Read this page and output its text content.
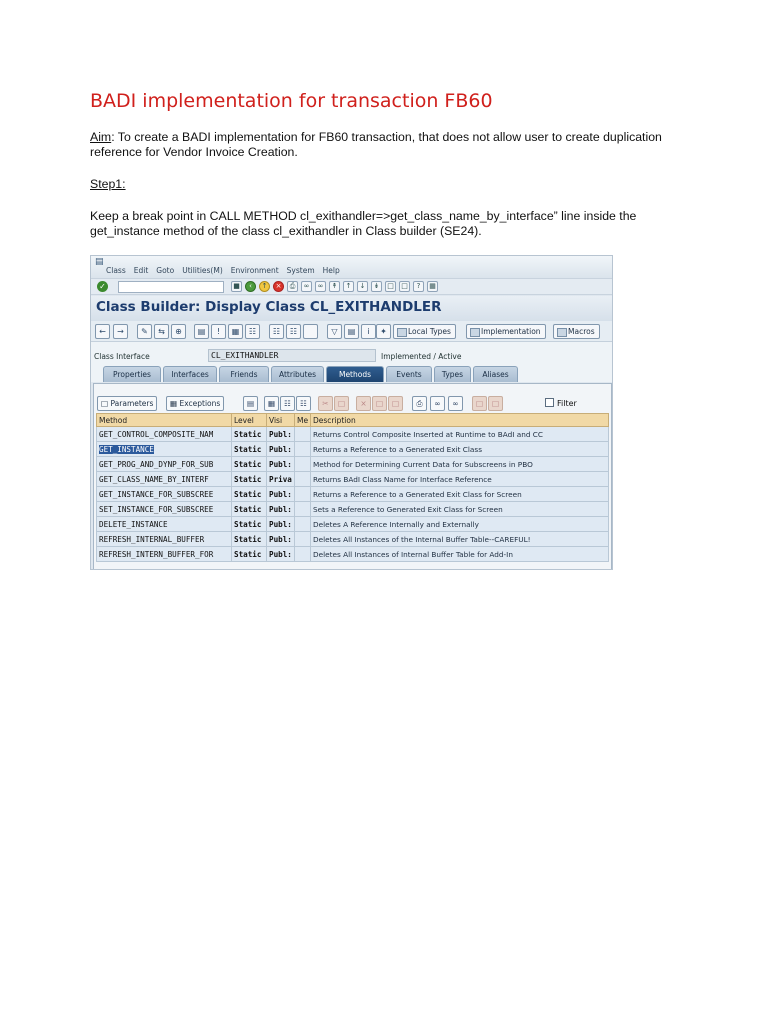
BADI implementation for transaction FB60
Aim: To create a BADI implementation for FB60 transaction, that does not allow user to create duplication
reference for Vendor Invoice Creation.
Step1:
Keep a break point in CALL METHOD cl_exithandler=>get_class_name_by_interface” line inside the
get_instance method of the class cl_exithandler in Class builder (SE24).
▤
Class Edit Goto Utilities(M) Environment System Help
✓	■	‹	↑	×	⎙	∞	∞	↟	↑	↓	↡	□	□	?	▦
Class Builder: Display Class CL_EXITHANDLER
←	→	✎	⇆	⊕	▤	!	▦	☷	☷	☷	▽	▤	i	✦	Local Types	Implementation	Macros
Class Interface	CL_EXITHANDLER	Implemented / Active
Properties	Interfaces	Friends	Attributes	Methods	Events	Types	Aliases
□ Parameters	▦ Exceptions	▤	▦	☷	☷	✂	□	×	□	□	⎙	∞	∞	□	□	Filter
Method	Level	Visi	Me	Description
GET_CONTROL_COMPOSITE_NAM	Static	Publ:		Returns Control Composite Inserted at Runtime to BAdI and CC
GET_INSTANCE	Static	Publ:		Returns a Reference to a Generated Exit Class
GET_PROG_AND_DYNP_FOR_SUB	Static	Publ:		Method for Determining Current Data for Subscreens in PBO
GET_CLASS_NAME_BY_INTERF	Static	Priva		Returns BAdI Class Name for Interface Reference
GET_INSTANCE_FOR_SUBSCREE	Static	Publ:		Returns a Reference to a Generated Exit Class for Screen
SET_INSTANCE_FOR_SUBSCREE	Static	Publ:		Sets a Reference to Generated Exit Class for Screen
DELETE_INSTANCE	Static	Publ:		Deletes A Reference Internally and Externally
REFRESH_INTERNAL_BUFFER	Static	Publ:		Deletes All Instances of the Internal Buffer Table--CAREFUL!
REFRESH_INTERN_BUFFER_FOR	Static	Publ:		Deletes All Instances of Internal Buffer Table for Add-In
